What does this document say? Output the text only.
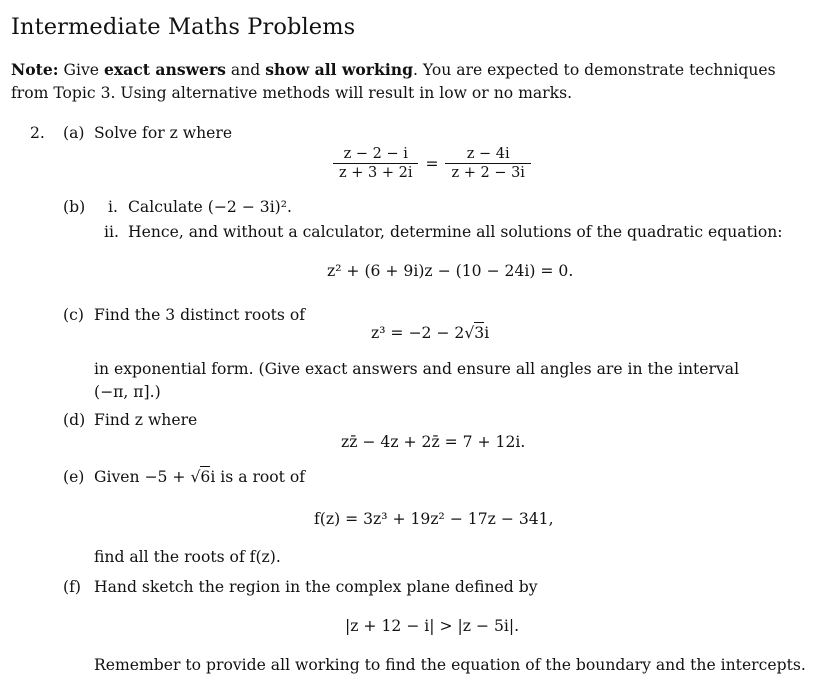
Intermediate Maths Problems
Note: Give exact answers and show all working. You are expected to demonstrate techniques
from Topic 3. Using alternative methods will result in low or no marks.
2. (a) Solve for z where
$\frac{z - 2 - i}{z + 3 + 2i} = \frac{z - 4i}{z + 2 - 3i}$
(b) i. Calculate (−2 − 3i)².
ii. Hence, and without a calculator, determine all solutions of the quadratic equation:
z² + (6 + 9i)z − (10 − 24i) = 0.
(c) Find the 3 distinct roots of
z³ = −2 − 2√3i
in exponential form. (Give exact answers and ensure all angles are in the interval
(−π, π].)
(d) Find z where
zz̄ − 4z + 2z̄ = 7 + 12i.
(e) Given −5 + √6i is a root of
f(z) = 3z³ + 19z² − 17z − 341,
find all the roots of f(z).
(f) Hand sketch the region in the complex plane defined by
|z + 12 − i| > |z − 5i|.
Remember to provide all working to find the equation of the boundary and the intercepts.
